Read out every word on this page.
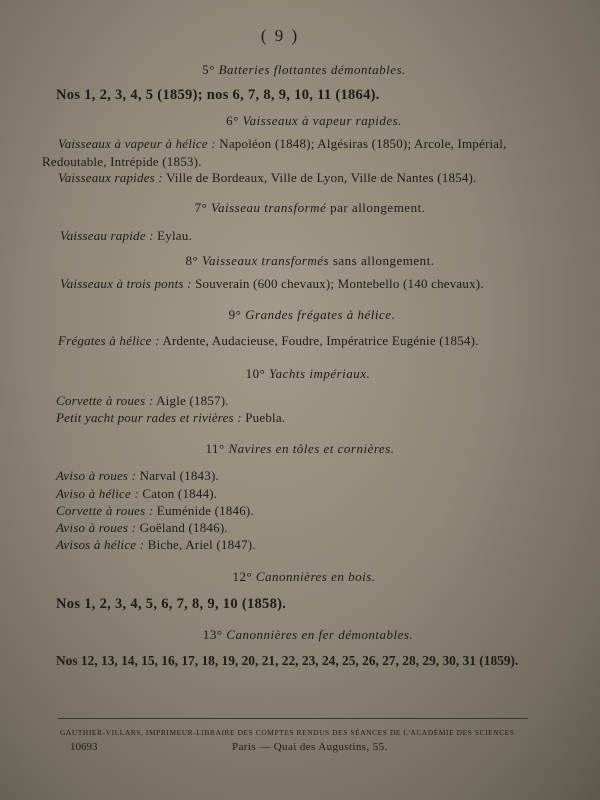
( 9 )
5° Batteries flottantes démontables.
Nos 1, 2, 3, 4, 5 (1859); nos 6, 7, 8, 9, 10, 11 (1864).
6° Vaisseaux à vapeur rapides.
Vaisseaux à vapeur à hélice : Napoléon (1848); Algésiras (1850); Arcole, Impérial,
Redoutable, Intrépide (1853).
Vaisseaux rapides : Ville de Bordeaux, Ville de Lyon, Ville de Nantes (1854).
7° Vaisseau transformé par allongement.
Vaisseau rapide : Eylau.
8° Vaisseaux transformés sans allongement.
Vaisseaux à trois ponts : Souverain (600 chevaux); Montebello (140 chevaux).
9° Grandes frégates à hélice.
Frégates à hélice : Ardente, Audacieuse, Foudre, Impératrice Eugénie (1854).
10° Yachts impériaux.
Corvette à roues : Aigle (1857).
Petit yacht pour rades et rivières : Puebla.
11° Navires en tôles et cornières.
Aviso à roues : Narval (1843).
Aviso à hélice : Caton (1844).
Corvette à roues : Euménide (1846).
Aviso à roues : Goëland (1846).
Avisos à hélice : Biche, Ariel (1847).
12° Canonnières en bois.
Nos 1, 2, 3, 4, 5, 6, 7, 8, 9, 10 (1858).
13° Canonnières en fer démontables.
Nos 12, 13, 14, 15, 16, 17, 18, 19, 20, 21, 22, 23, 24, 25, 26, 27, 28, 29, 30, 31 (1859).
GAUTHIER-VILLARS, IMPRIMEUR-LIBRAIRE DES COMPTES RENDUS DES SÉANCES DE L'ACADÉMIE DES SCIENCES.
10693	Paris — Quai des Augustins, 55.
